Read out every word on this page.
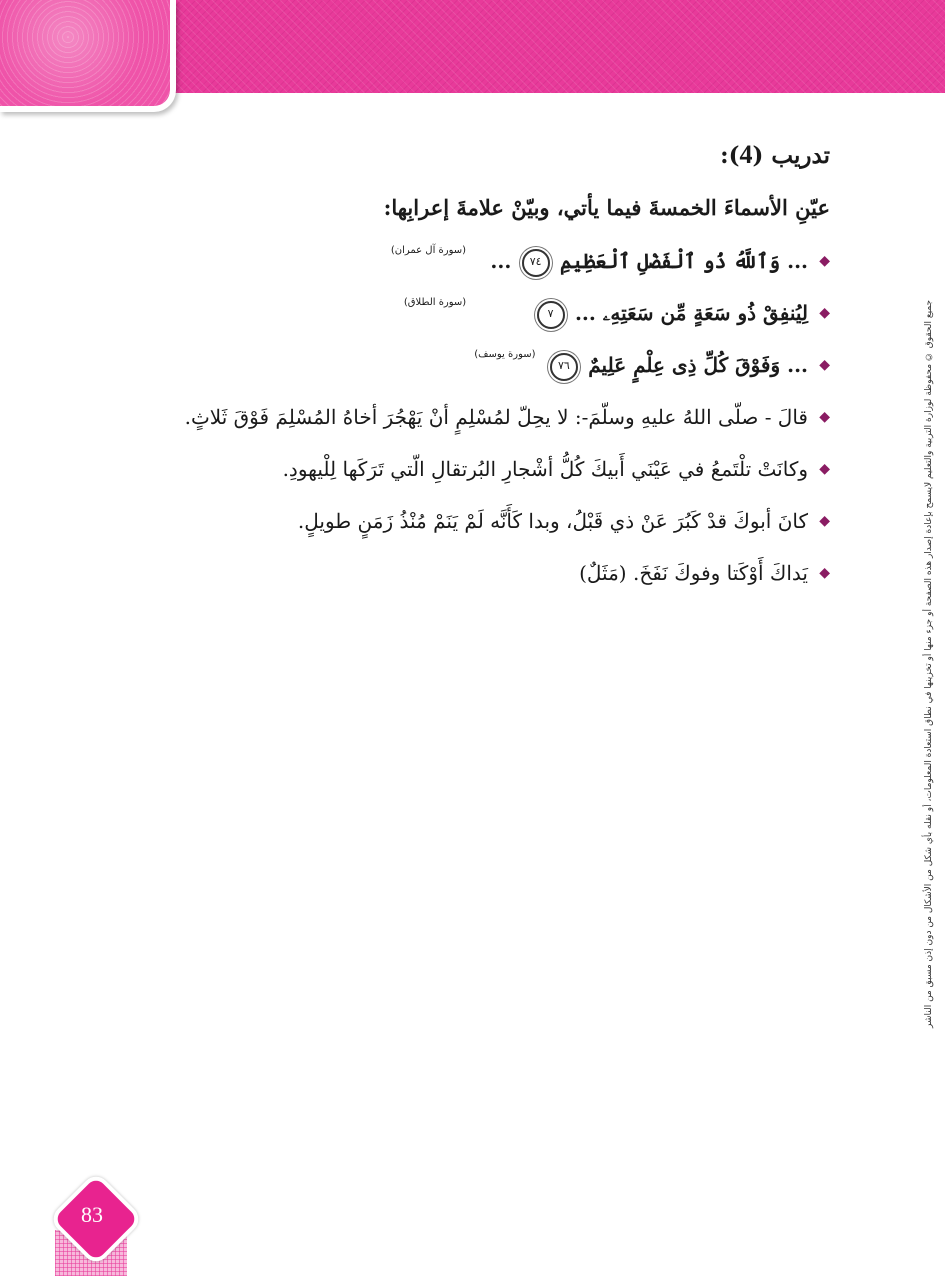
تدريب (4):
عيّنِ الأسماءَ الخمسةَ فيما يأتي، وبيّنْ علامةَ إعرابِها:
◆
... وَٱللَّهُ ذُو ٱلْفَضْلِ ٱلْعَظِيمِ ٧٤ ... $^{(سورة آل عمران)}$
◆
لِيُنفِقْ ذُو سَعَةٍ مِّن سَعَتِهِۦ ... ٧ $^{(سورة الطلاق)}$
◆
... وَفَوْقَ كُلِّ ذِى عِلْمٍ عَلِيمٌ ٧٦ $^{(سورة يوسف)}$
◆
قالَ - صلّى اللهُ عليهِ وسلّمَ-: لا يحِلّ لمُسْلِمٍ أنْ يَهْجُرَ أخاهُ المُسْلِمَ فَوْقَ ثَلاثٍ.
◆
وكانَتْ تلْتَمعُ في عَيْنَي أَبيكَ كُلُّ أشْجارِ البُرتقالِ الّتي تَرَكَها لِلْيهودِ.
◆
كانَ أبوكَ قدْ كَبُرَ عَنْ ذي قَبْلُ، وبدا كَأَنَّه لَمْ يَنَمْ مُنْذُ زَمَنٍ طويلٍ.
◆
يَداكَ أَوْكَتا وفوكَ نَفَخَ. (مَثَلٌ)	جميع الحقوق © محفوظة لوزارة التربية والتعليم لايسمح بإعادة إصدار هذه الصفحة أو جزء منها أو تخزينها في نطاق استعادة المعلومات، أو نقله بأي شكل من الأشكال من دون إذن مسبق من الناشر
83
